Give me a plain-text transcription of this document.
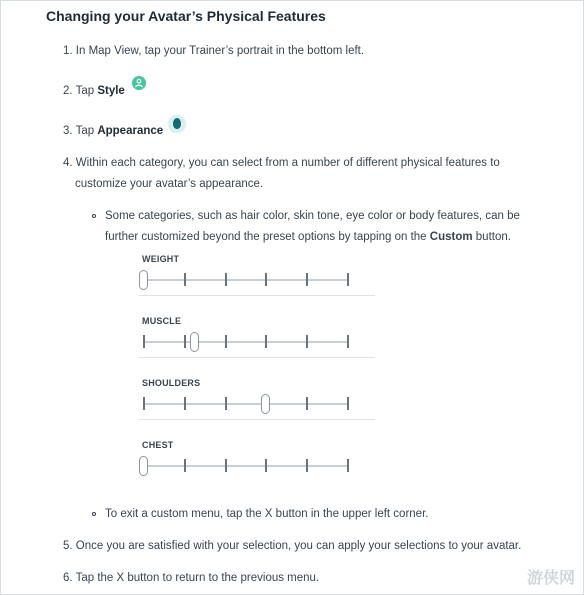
Changing your Avatar’s Physical Features
1. In Map View, tap your Trainer’s portrait in the bottom left.
2. Tap Style
3. Tap Appearance
4. Within each category, you can select from a number of different physical features to
customize your avatar’s appearance.
Some categories, such as hair color, skin tone, eye color or body features, can be
further customized beyond the preset options by tapping on the Custom button.
WEIGHT
MUSCLE
SHOULDERS
CHEST
To exit a custom menu, tap the X button in the upper left corner.
5. Once you are satisfied with your selection, you can apply your selections to your avatar.
6. Tap the X button to return to the previous menu.	游侠网
